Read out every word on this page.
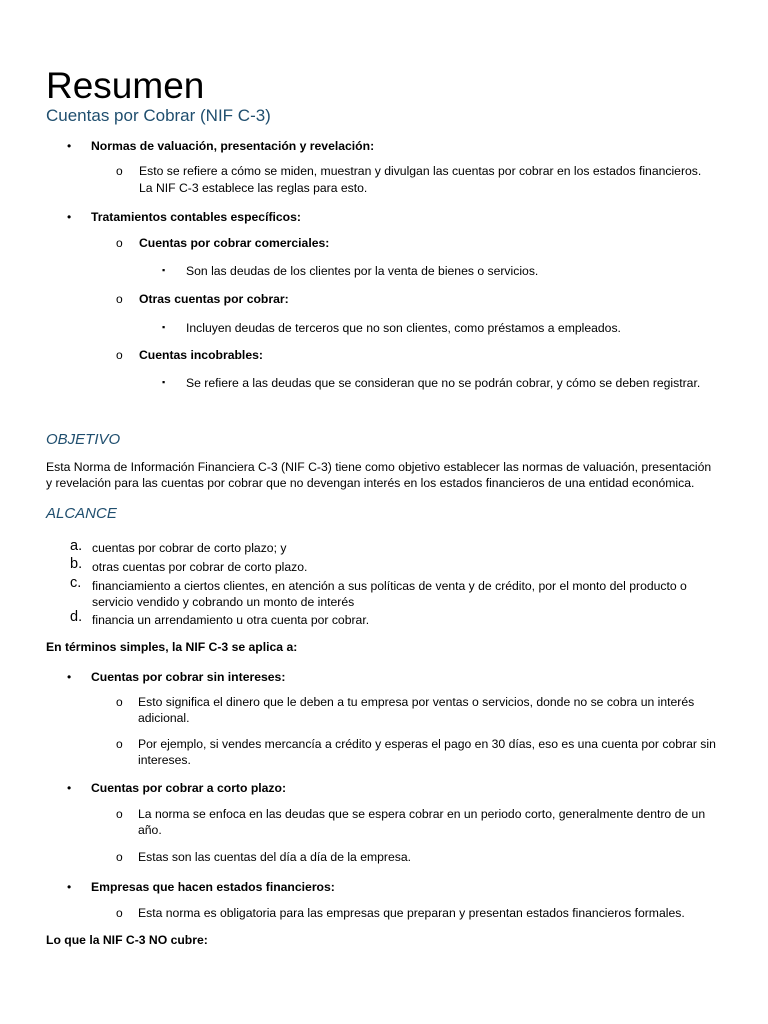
Resumen
Cuentas por Cobrar (NIF C-3)
• Normas de valuación, presentación y revelación:
o Esto se refiere a cómo se miden, muestran y divulgan las cuentas por cobrar en los estados financieros.
La NIF C-3 establece las reglas para esto.
• Tratamientos contables específicos:
o Cuentas por cobrar comerciales:
▪ Son las deudas de los clientes por la venta de bienes o servicios.
o Otras cuentas por cobrar:
▪ Incluyen deudas de terceros que no son clientes, como préstamos a empleados.
o Cuentas incobrables:
▪ Se refiere a las deudas que se consideran que no se podrán cobrar, y cómo se deben registrar.
OBJETIVO
Esta Norma de Información Financiera C-3 (NIF C-3) tiene como objetivo establecer las normas de valuación, presentación
y revelación para las cuentas por cobrar que no devengan interés en los estados financieros de una entidad económica.
ALCANCE
a. cuentas por cobrar de corto plazo; y
b. otras cuentas por cobrar de corto plazo.
c. financiamiento a ciertos clientes, en atención a sus políticas de venta y de crédito, por el monto del producto o
servicio vendido y cobrando un monto de interés
d. financia un arrendamiento u otra cuenta por cobrar.
En términos simples, la NIF C-3 se aplica a:
• Cuentas por cobrar sin intereses:
o Esto significa el dinero que le deben a tu empresa por ventas o servicios, donde no se cobra un interés
adicional.
o Por ejemplo, si vendes mercancía a crédito y esperas el pago en 30 días, eso es una cuenta por cobrar sin
intereses.
• Cuentas por cobrar a corto plazo:
o La norma se enfoca en las deudas que se espera cobrar en un periodo corto, generalmente dentro de un
año.
o Estas son las cuentas del día a día de la empresa.
• Empresas que hacen estados financieros:
o Esta norma es obligatoria para las empresas que preparan y presentan estados financieros formales.
Lo que la NIF C-3 NO cubre:
